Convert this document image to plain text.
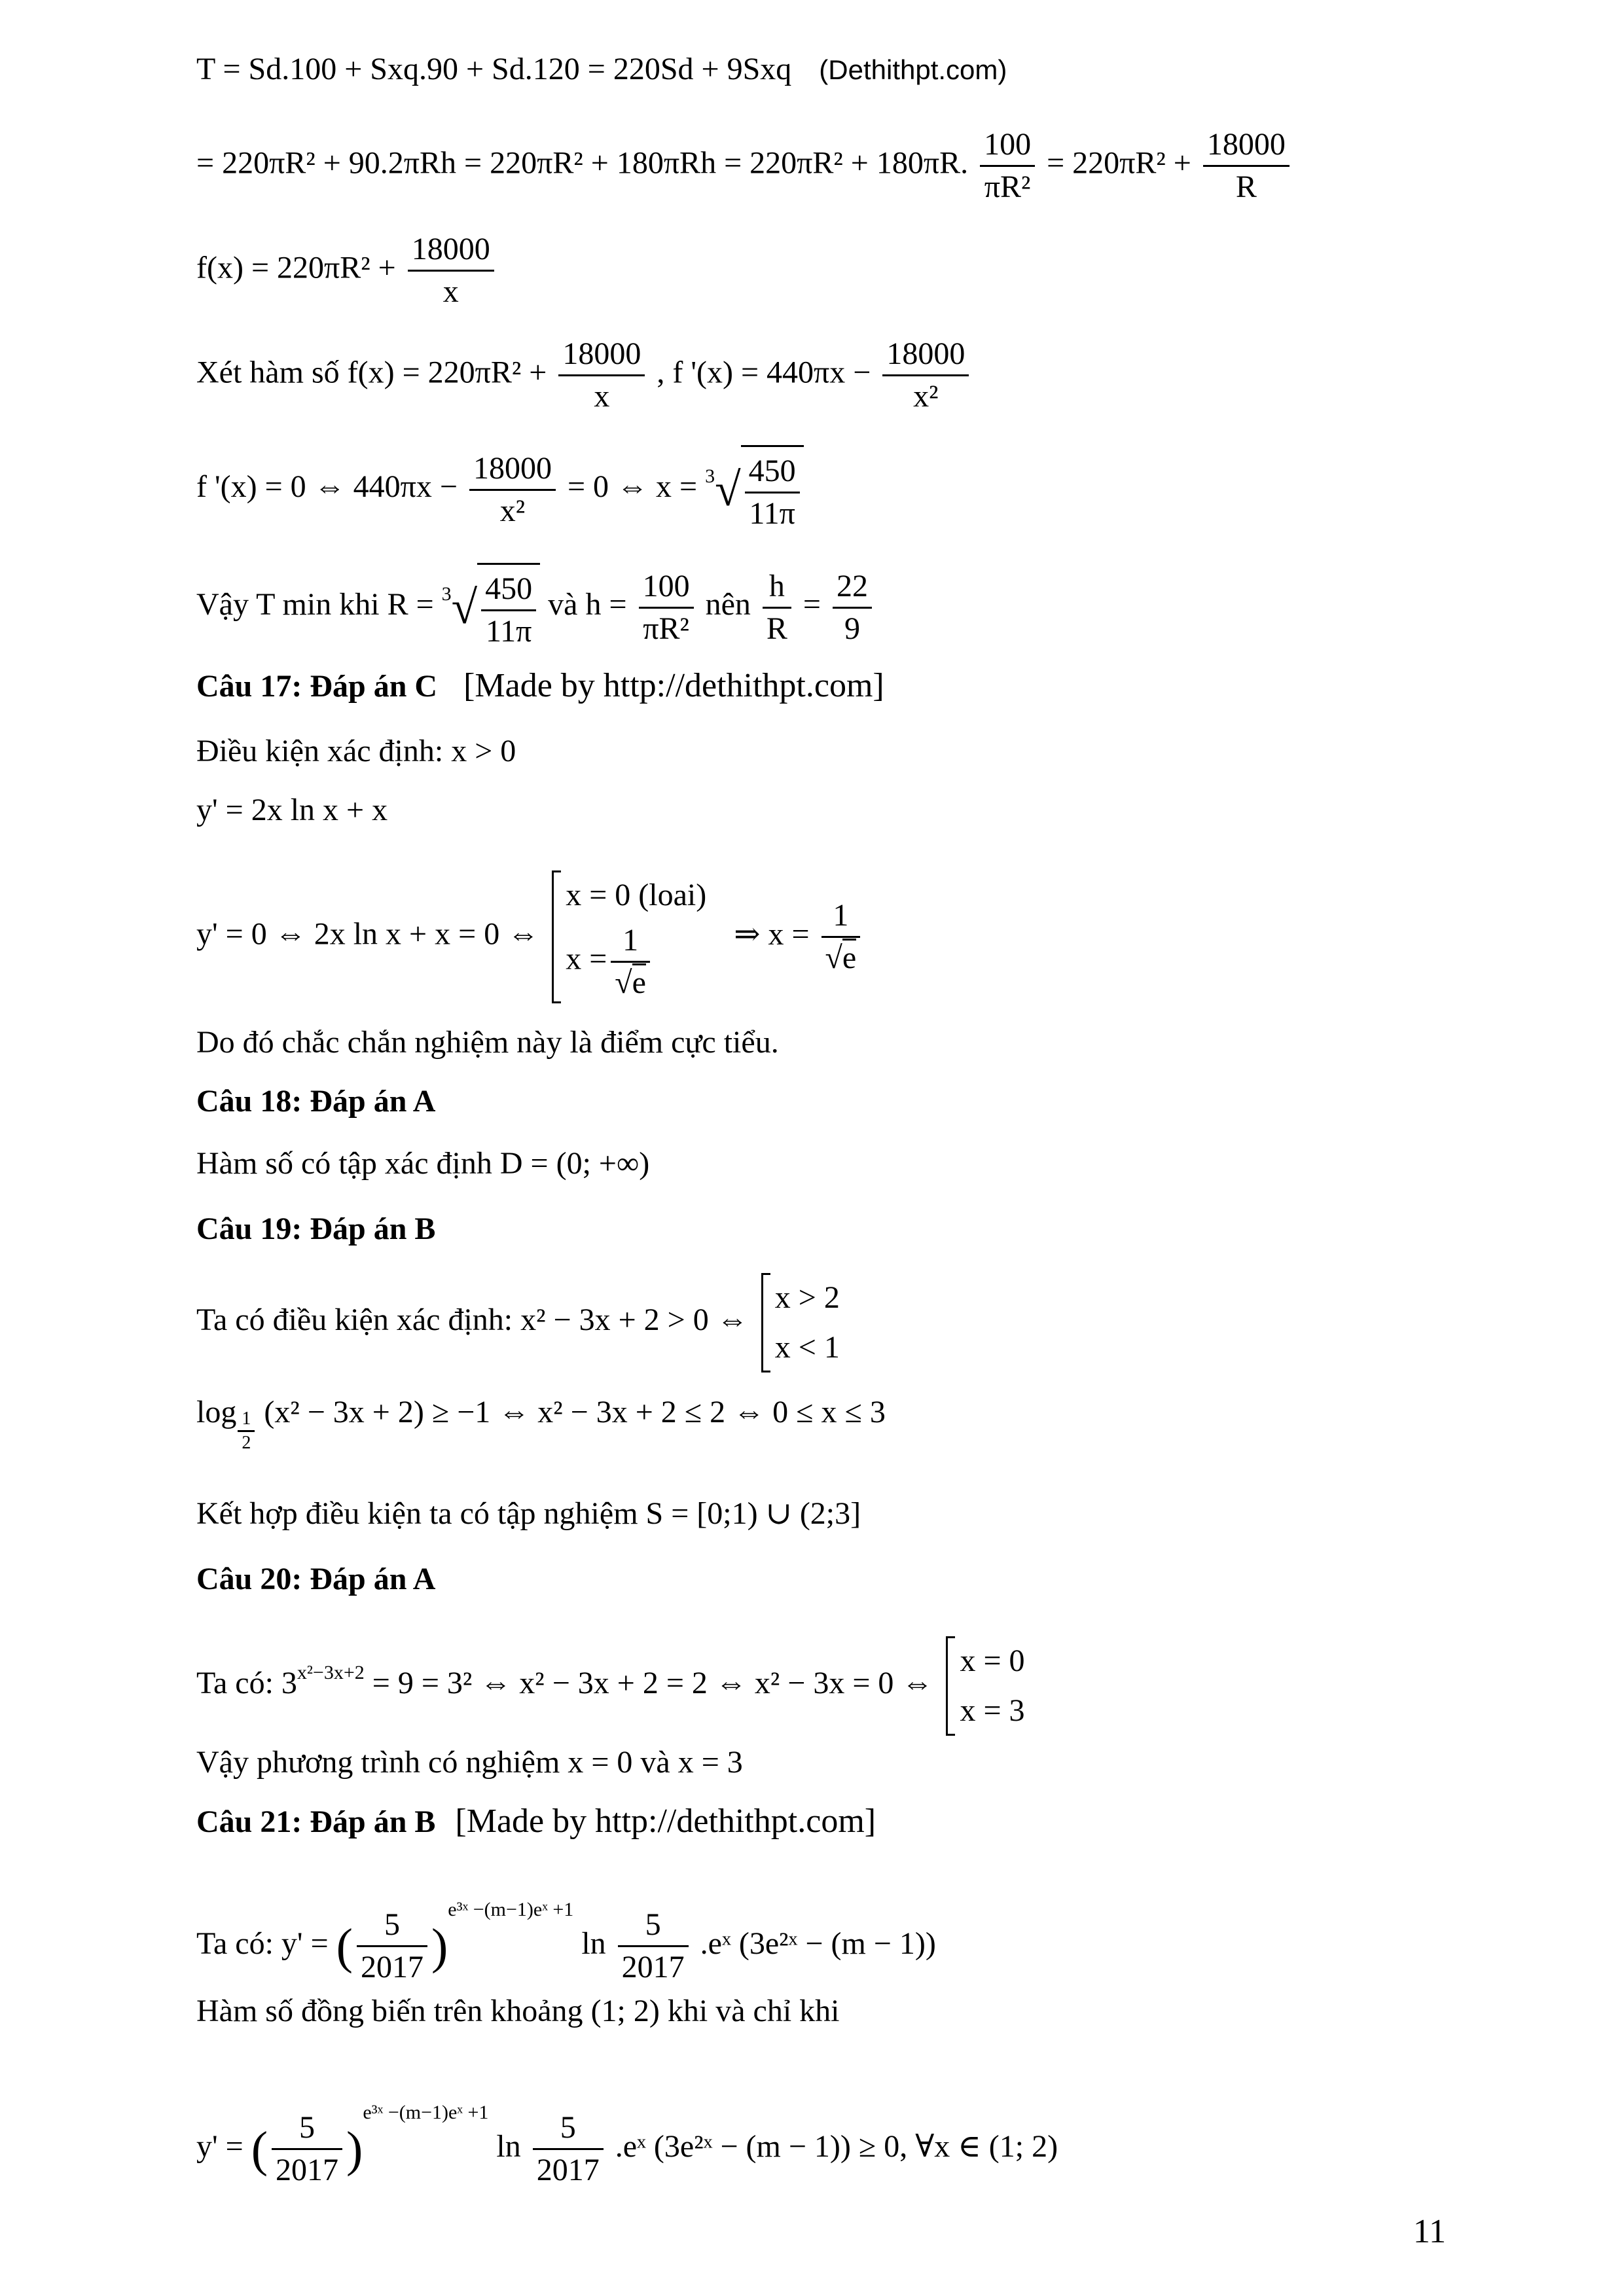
T = Sd.100 + Sxq.90 + Sd.120 = 220Sd + 9Sxq (Dethithpt.com)
= 220πR² + 90.2πRh = 220πR² + 180πRh = 220πR² + 180πR. $\frac{100}{\text{πR²}} = 220\pi R^2 + \frac{18000}{R}$
$f(x) = 220\pi R^2 + \frac{18000}{x}$
Xét hàm số $f(x) = 220\pi R^2 + \frac{18000}{x}$ , f '$(x) = 440\pi x - \frac{18000}{\text{x²}}$
f '(x) = 0 ⇔ $440\pi x - \frac{18000}{\text{x²}} = 0$ ⇔ $x = ^3√ \frac{450}{11\pi}$
Vậy T min khi $R = ^3√ \frac{450}{11\pi}$ và $h = \frac{100}{\text{πR²}}$ nên $\frac{h}{R} = \frac{22}{9}$
Câu 17: Đáp án C [Made by http://dethithpt.com]
Điều kiện xác định: x > 0
y' = 2x ln x + x
y' = 0 ⇔ 2x ln x + x = 0 ⇔
x = 0 (loai)
$x = \frac{1}{√e}$	⇒ $x = \frac{1}{√e}$
Do đó chắc chắn nghiệm này là điểm cực tiểu.
Câu 18: Đáp án A
Hàm số có tập xác định D = (0; +∞)
Câu 19: Đáp án B
Ta có điều kiện xác định: x² − 3x + 2 > 0 ⇔
x > 2
x < 1
$\log \frac{1}{2} (x^2 - 3x + 2) \ge -1$ ⇔ x² − 3x + 2 ≤ 2 ⇔ 0 ≤ x ≤ 3
Kết hợp điều kiện ta có tập nghiệm S = [0;1) ∪ (2;3]
Câu 20: Đáp án A
Ta có: $3^{x^2-3x+2} = 9 = 3^2$ ⇔ x² − 3x + 2 = 2 ⇔ x² − 3x = 0 ⇔
x = 0
x = 3
Vậy phương trình có nghiệm x = 0 và x = 3
Câu 21: Đáp án B [Made by http://dethithpt.com]
Ta có: y' = ( $\frac{5}{2017} )^{e^3ˣ -(m-1)eˣ +1}$ $\ln \frac{5}{2017}$ .eˣ (3e²ˣ − (m − 1))
Hàm số đồng biến trên khoảng (1; 2) khi và chỉ khi
y' = ( $\frac{5}{2017} )^{e^3ˣ -(m-1)eˣ +1}$ $\ln \frac{5}{2017}$ .eˣ (3e²ˣ − (m − 1)) ≥ 0, ∀x ∈ (1; 2)
11
